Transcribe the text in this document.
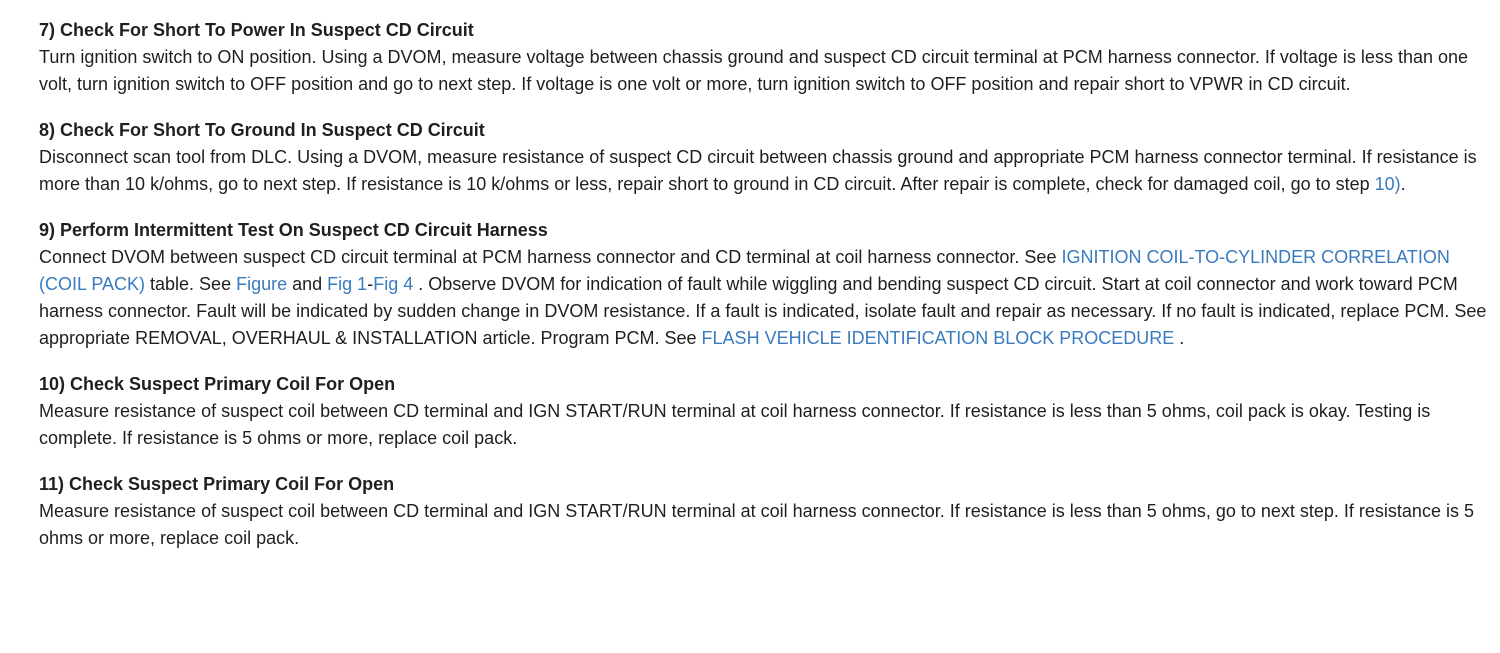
7) Check For Short To Power In Suspect CD Circuit
Turn ignition switch to ON position. Using a DVOM, measure voltage between chassis ground and suspect CD circuit terminal at PCM harness connector. If voltage is less than one volt, turn ignition switch to OFF position and go to next step. If voltage is one volt or more, turn ignition switch to OFF position and repair short to VPWR in CD circuit.
8) Check For Short To Ground In Suspect CD Circuit
Disconnect scan tool from DLC. Using a DVOM, measure resistance of suspect CD circuit between chassis ground and appropriate PCM harness connector terminal. If resistance is more than 10 k/ohms, go to next step. If resistance is 10 k/ohms or less, repair short to ground in CD circuit. After repair is complete, check for damaged coil, go to step 10).
9) Perform Intermittent Test On Suspect CD Circuit Harness
Connect DVOM between suspect CD circuit terminal at PCM harness connector and CD terminal at coil harness connector. See IGNITION COIL-TO-CYLINDER CORRELATION (COIL PACK) table. See Figure and Fig 1-Fig 4 . Observe DVOM for indication of fault while wiggling and bending suspect CD circuit. Start at coil connector and work toward PCM harness connector. Fault will be indicated by sudden change in DVOM resistance. If a fault is indicated, isolate fault and repair as necessary. If no fault is indicated, replace PCM. See appropriate REMOVAL, OVERHAUL & INSTALLATION article. Program PCM. See FLASH VEHICLE IDENTIFICATION BLOCK PROCEDURE .
10) Check Suspect Primary Coil For Open
Measure resistance of suspect coil between CD terminal and IGN START/RUN terminal at coil harness connector. If resistance is less than 5 ohms, coil pack is okay. Testing is complete. If resistance is 5 ohms or more, replace coil pack.
11) Check Suspect Primary Coil For Open
Measure resistance of suspect coil between CD terminal and IGN START/RUN terminal at coil harness connector. If resistance is less than 5 ohms, go to next step. If resistance is 5 ohms or more, replace coil pack.
